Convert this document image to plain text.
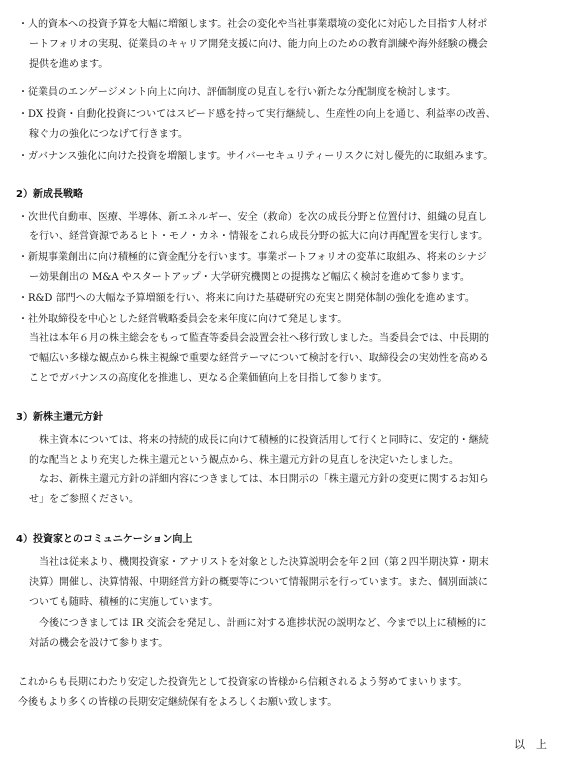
・人的資本への投資予算を大幅に増額します。社会の変化や当社事業環境の変化に対応した目指す人材ポ
ートフォリオの実現、従業員のキャリア開発支援に向け、能力向上のための教育訓練や海外経験の機会
提供を進めます。
・従業員のエンゲージメント向上に向け、評価制度の見直しを行い新たな分配制度を検討します。
・DX 投資・自動化投資についてはスピード感を持って実行継続し、生産性の向上を通じ、利益率の改善、
稼ぐ力の強化につなげて行きます。
・ガバナンス強化に向けた投資を増額します。サイバーセキュリティーリスクに対し優先的に取組みます。
2）新成長戦略
・次世代自動車、医療、半導体、新エネルギー、安全（救命）を次の成長分野と位置付け、組織の見直し
を行い、経営資源であるヒト・モノ・カネ・情報をこれら成長分野の拡大に向け再配置を実行します。
・新規事業創出に向け積極的に資金配分を行います。事業ポートフォリオの変革に取組み、将来のシナジ
ー効果創出の M&A やスタートアップ・大学研究機関との提携など幅広く検討を進めて参ります。
・R&D 部門への大幅な予算増額を行い、将来に向けた基礎研究の充実と開発体制の強化を進めます。
・社外取締役を中心とした経営戦略委員会を来年度に向けて発足します。
当社は本年６月の株主総会をもって監査等委員会設置会社へ移行致しました。当委員会では、中長期的
で幅広い多様な観点から株主視線で重要な経営テーマについて検討を行い、取締役会の実効性を高める
ことでガバナンスの高度化を推進し、更なる企業価値向上を目指して参ります。
3）新株主還元方針
株主資本については、将来の持続的成長に向けて積極的に投資活用して行くと同時に、安定的・継続
的な配当とより充実した株主還元という観点から、株主還元方針の見直しを決定いたしました。
なお、新株主還元方針の詳細内容につきましては、本日開示の「株主還元方針の変更に関するお知ら
せ」をご参照ください。
4）投資家とのコミュニケーション向上
当社は従来より、機関投資家・アナリストを対象とした決算説明会を年２回（第２四半期決算・期末
決算）開催し、決算情報、中期経営方針の概要等について情報開示を行っています。また、個別面談に
ついても随時、積極的に実施しています。
今後につきましては IR 交流会を発足し、計画に対する進捗状況の説明など、今まで以上に積極的に
対話の機会を設けて参ります。
これからも長期にわたり安定した投資先として投資家の皆様から信頼されるよう努めてまいります。
今後もより多くの皆様の長期安定継続保有をよろしくお願い致します。
以　上
